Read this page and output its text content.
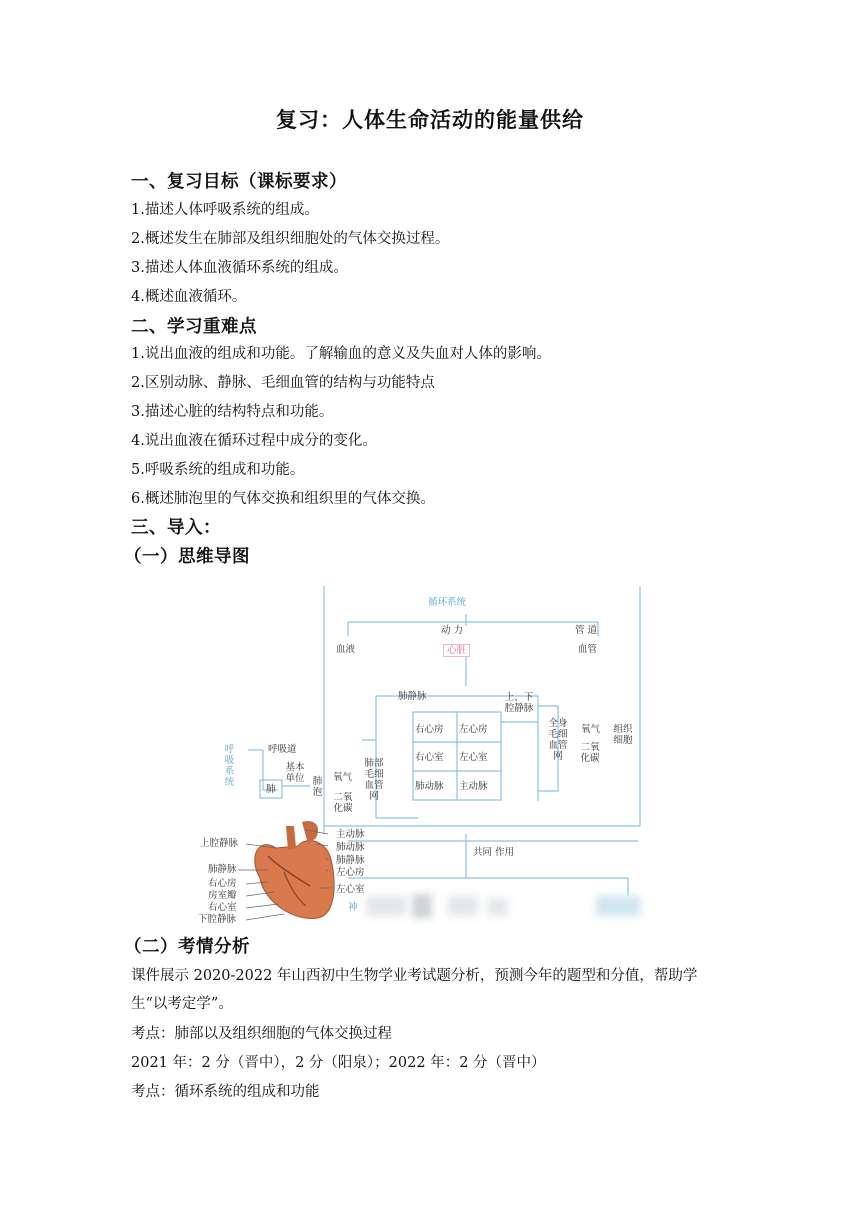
复习：人体生命活动的能量供给
一、复习目标（课标要求）
1.描述人体呼吸系统的组成。
2.概述发生在肺部及组织细胞处的气体交换过程。
3.描述人体血液循环系统的组成。
4.概述血液循环。
二、学习重难点
1.说出血液的组成和功能。了解输血的意义及失血对人体的影响。
2.区别动脉、静脉、毛细血管的结构与功能特点
3.描述心脏的结构特点和功能。
4.说出血液在循环过程中成分的变化。
5.呼吸系统的组成和功能。
6.概述肺泡里的气体交换和组织里的气体交换。
三、导入：
（一）思维导图
循环系统
动 力	管 道
血液	心脏	血管
肺静脉	上、下腔静脉
右心房 左心房
右心室 左心室
肺动脉 主动脉
全身毛细血管网
氧气
二氧化碳
组织细胞
呼吸系统
呼吸道
基本单位
肺
肺泡
氧气
二氧化碳
肺部毛细血管网
共同 作用
神
上腔静脉
肺静脉
右心房
房室瓣
右心室
下腔静脉
主动脉
肺动脉
肺静脉
左心房
左心室
（二）考情分析
课件展示 2020-2022 年山西初中生物学业考试题分析，预测今年的题型和分值，帮助学生“以考定学”。
考点：肺部以及组织细胞的气体交换过程
2021 年：2 分（晋中），2 分（阳泉）；2022 年：2 分（晋中）
考点：循环系统的组成和功能
